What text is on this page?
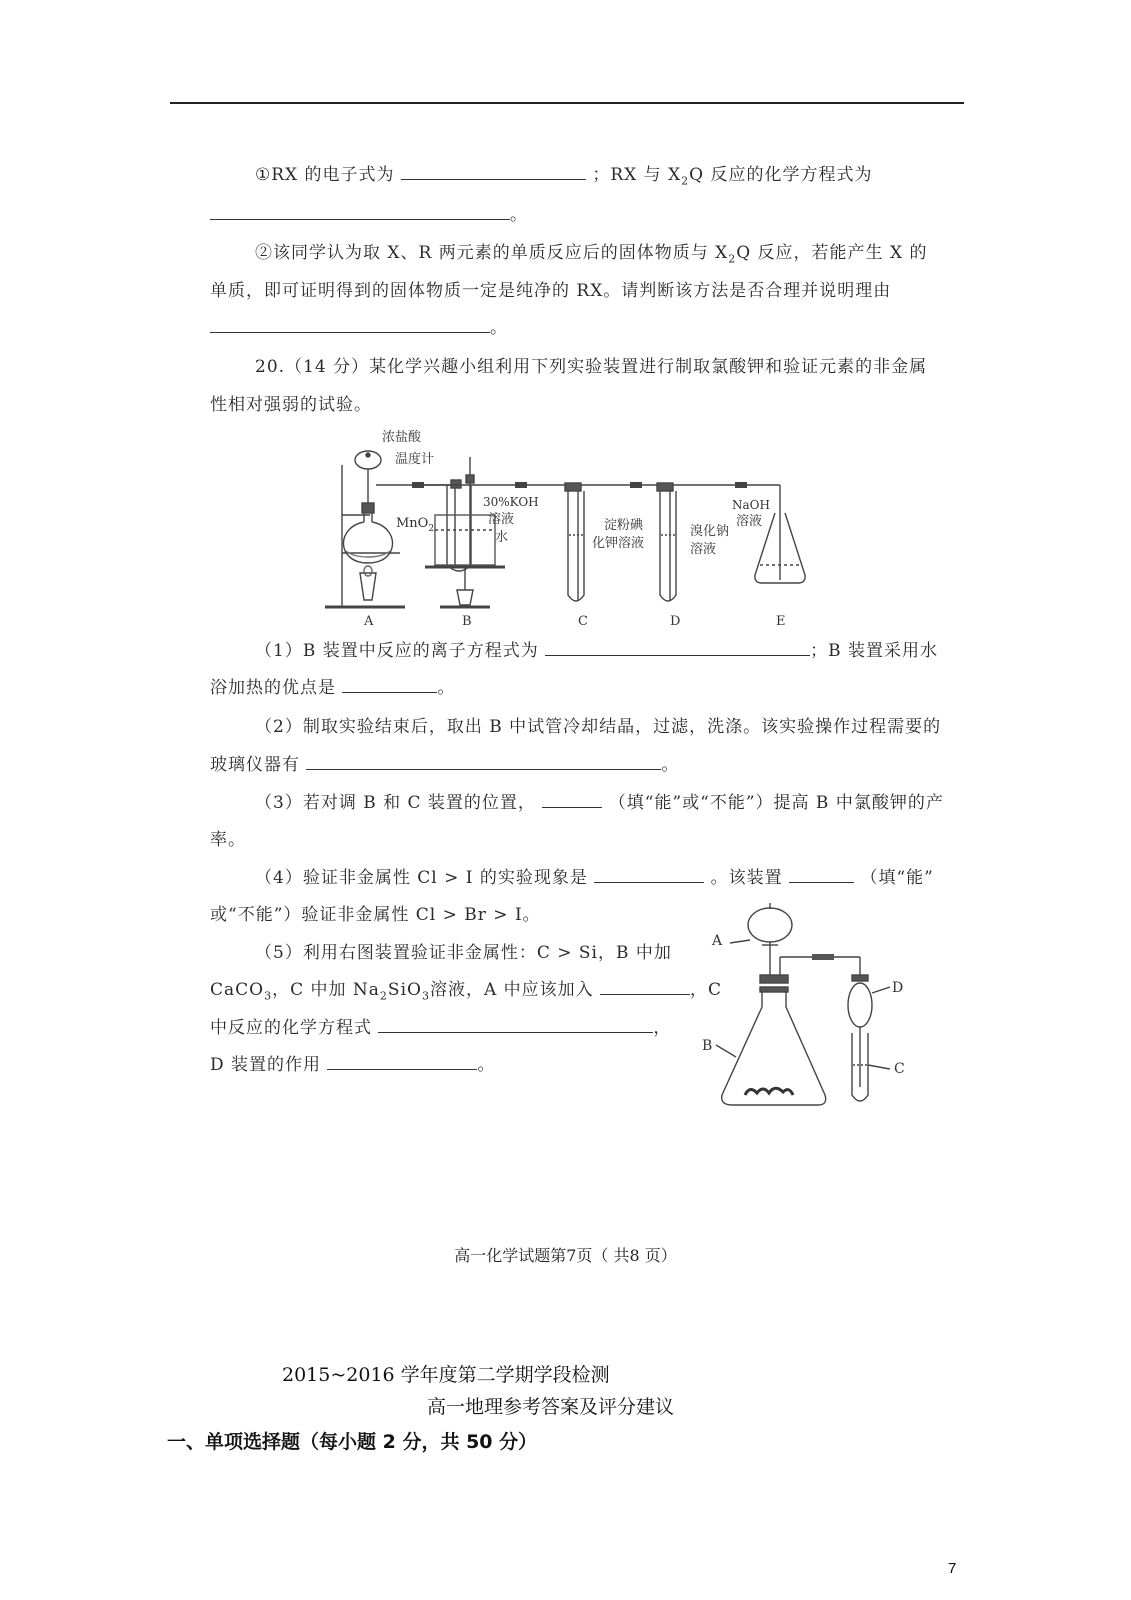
①RX 的电子式为	；RX 与 $X_2Q$ 反应的化学方程式为
。
②该同学认为取 X、R 两元素的单质反应后的固体物质与 $X_2Q$ 反应，若能产生 X 的
单质，即可证明得到的固体物质一定是纯净的 RX。请判断该方法是否合理并说明理由
。
20.（14 分）某化学兴趣小组利用下列实验装置进行制取氯酸钾和验证元素的非金属
性相对强弱的试验。
浓盐酸
温度计
MnO$_2$
30%KOH
溶液
水
淀粉碘
化钾溶液
溴化钠
溶液
NaOH
溶液
A	B	C	D	E
（1）B 装置中反应的离子方程式为	；B 装置采用水
浴加热的优点是	。
（2）制取实验结束后，取出 B 中试管冷却结晶，过滤，洗涤。该实验操作过程需要的
玻璃仪器有	。
（3）若对调 B 和 C 装置的位置，	（填“能”或“不能”）提高 B 中氯酸钾的产
率。
（4）验证非金属性 Cl > I 的实验现象是	。该装置	（填“能”
或“不能”）验证非金属性 Cl > Br > I。
（5）利用右图装置验证非金属性：C > Si，B 中加
CaCO$_3$，C 中加 $Na_2SiO_3$溶液，A 中应该加入	，C
中反应的化学方程式	，
D 装置的作用	。
A
D
B
C
高一化学试题第7页（ 共8 页）
2015~2016 学年度第二学期学段检测
高一地理参考答案及评分建议
一、单项选择题（每小题 2 分，共 50 分）
7
